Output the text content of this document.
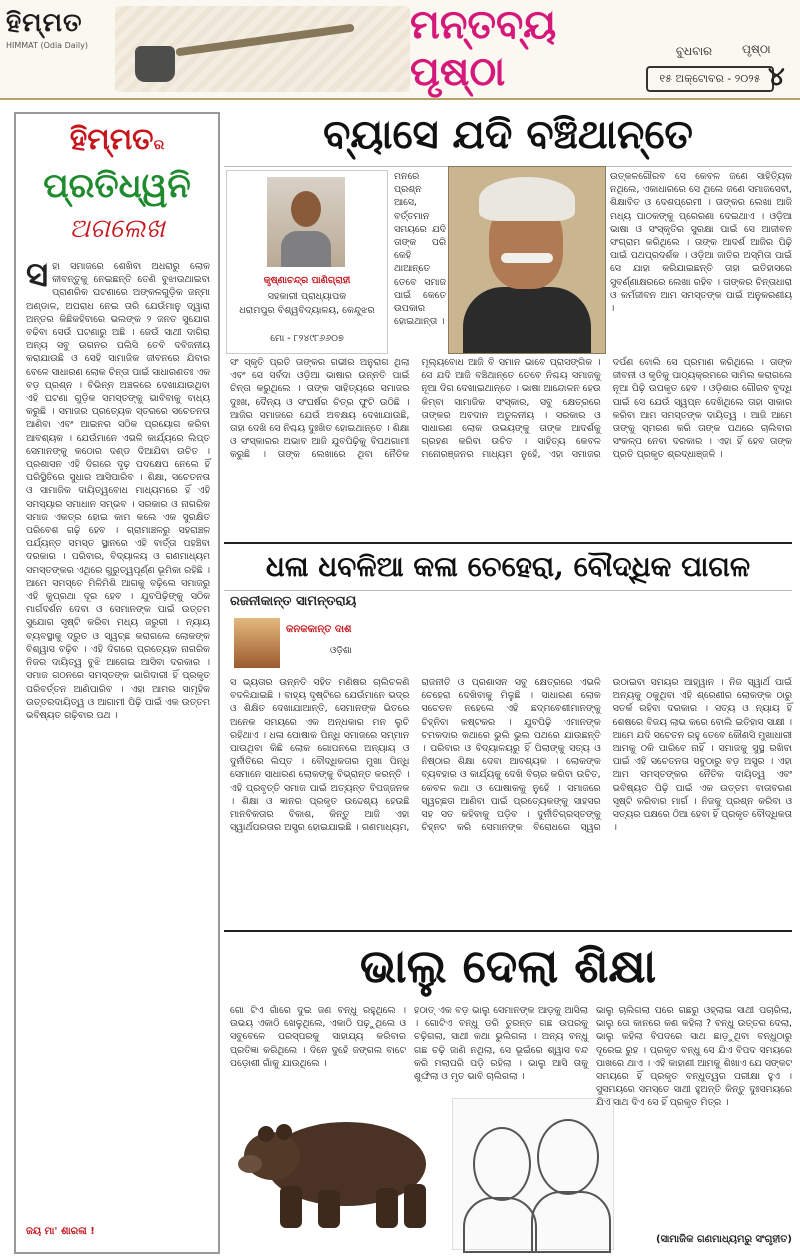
ହିମ୍ମତ
HIMMAT (Odia Daily)	ମନ୍ତବ୍ୟ ପୃଷ୍ଠା	ବୁଧବାର	ପୃଷ୍ଠା
୧୫ ଅକ୍ଟୋବର - ୨୦୨୫ ୪
ହିମ୍ମତର
ପ୍ରତିଧ୍ୱନି
ଅଗଲେଖ
ସ ହା ସମାଜରେ ଶେଖିବା ଅଧରାରୁ ଲୋକ କୀବନ୍ତୁକୁ ନେଇଛନ୍ତି ତେଣି ବୁଝାଉଥାଇବା ପ୍ରାଣରିକ ଘଟଣାରେ ଅଙ୍କଳଗୁଡ଼ିକ ଜନ୍ମା ଅଣ୍ଡାଳ, ଅପରାଧ ନେଇ ତାରି ଯେଉଁମାନୁ ଦ୍ୱାରା ଅନ୍ତର କିଛିକହିବାରେ ଭଲଙ୍କ ୨ ଜନତ ସୁଯୋଗ ବଢିବା ସେଉଁ ଘଟଣାରୁ ଅଛି । ଜେଉଁ ସାଥୀ ଦାଗିରା ଅନ୍ୟ ସବୁ ଉଗନର ପଲିସି ତେବି ଦବିଜନୀୟ କରାଯାଉଛି ଓ ସେହି ସାମାଜିକ ଜୀବନରେ ଯିବାର ବେଳେ ସାଧାରଣ ଲୋକ ଚିନ୍ତା ପାଇଁ ସାଧାରଣତଃ ଏକ ବଡ଼ ପ୍ରଶ୍ନ । ବିଭିନ୍ନ ଅଞ୍ଚଳରେ ଦେଖାଯାଉଥିବା ଏହି ଘଟଣା ଗୁଡ଼ିକ ସମସ୍ତଙ୍କୁ ଭାବିବାକୁ ବାଧ୍ୟ କରୁଛି । ସମାଜର ପ୍ରତ୍ୟେକ ସ୍ତରରେ ସଚେତନତା ଆଣିବା ଏବଂ ଆଇନର ସଠିକ ପ୍ରୟୋଗ କରିବା ଆବଶ୍ୟକ । ଯେଉଁମାନେ ଏଭଳି କାର୍ଯ୍ୟରେ ଲିପ୍ତ ସେମାନଙ୍କୁ କଠୋର ଦଣ୍ଡ ଦିଆଯିବା ଉଚିତ । ପ୍ରଶାସନ ଏହି ଦିଗରେ ଦୃଢ଼ ପଦକ୍ଷେପ ନେଲେ ହିଁ ପରିସ୍ଥିତିରେ ସୁଧାର ଆସିପାରିବ । ଶିକ୍ଷା, ସଚେତନତା ଓ ସାମାଜିକ ଦାୟିତ୍ୱବୋଧ ମାଧ୍ୟମରେ ହିଁ ଏହି ସମସ୍ୟାର ସମାଧାନ ସମ୍ଭବ । ସରକାର ଓ ନାଗରିକ ସମାଜ ଏକତ୍ର ହୋଇ କାମ କଲେ ଏକ ସୁରକ୍ଷିତ ପରିବେଶ ଗଢ଼ି ହେବ । ଗ୍ରାମାଞ୍ଚଳରୁ ସହରାଞ୍ଚଳ ପର୍ଯ୍ୟନ୍ତ ସମସ୍ତ ସ୍ଥାନରେ ଏହି ବାର୍ତ୍ତା ପହଞ୍ଚିବା ଦରକାର । ପରିବାର, ବିଦ୍ୟାଳୟ ଓ ଗଣମାଧ୍ୟମ ସମସ୍ତଙ୍କର ଏଥିରେ ଗୁରୁତ୍ୱପୂର୍ଣ୍ଣ ଭୂମିକା ରହିଛି । ଆମେ ସମସ୍ତେ ମିଳିମିଶି ଆଗକୁ ବଢ଼ିଲେ ସମାଜରୁ ଏହି କୁପ୍ରଥା ଦୂର ହେବ । ଯୁବପିଢ଼ିଙ୍କୁ ସଠିକ ମାର୍ଗଦର୍ଶନ ଦେବା ଓ ସେମାନଙ୍କ ପାଇଁ ଉତ୍ତମ ସୁଯୋଗ ସୃଷ୍ଟି କରିବା ମଧ୍ୟ ଜରୁରୀ । ନ୍ୟାୟ ବ୍ୟବସ୍ଥାକୁ ଦ୍ରୁତ ଓ ସ୍ୱଚ୍ଛ କରାଗଲେ ଲୋକଙ୍କ ବିଶ୍ୱାସ ବଢ଼ିବ । ଏହି ଦିଗରେ ପ୍ରତ୍ୟେକ ନାଗରିକ ନିଜର ଦାୟିତ୍ୱ ବୁଝି ଆଗେଇ ଆସିବା ଦରକାର । ସମାଜ ଗଠନରେ ସମସ୍ତଙ୍କ ଭାଗିଦାରୀ ହିଁ ପ୍ରକୃତ ପରିବର୍ତ୍ତନ ଆଣିପାରିବ । ଏହା ଆମର ସାମୂହିକ ଉତ୍ତରଦାୟିତ୍ୱ ଓ ଆଗାମୀ ପିଢ଼ି ପାଇଁ ଏକ ଉତ୍ତମ ଭବିଷ୍ୟତ ଗଢ଼ିବାର ପଥ ।
ଜୟ ମା' ଶାରଳା !
ବ୍ୟାସେ ଯଦି ବଞ୍ଚିଥାନ୍ତେ
କୃଷ୍ଣାଚନ୍ଦ୍ର ପାଣିଗ୍ରାହୀ
ସହକାରୀ ପ୍ରାଧ୍ୟାପକ
ଧରାମପୁର ବିଶ୍ୱବିଦ୍ୟାଳୟ, କେନ୍ଦୁଝର
ମୋ - ୮୨୪୯୮୬୬୦୭
ମନରେ ପ୍ରଶ୍ନ ଆସେ, ବର୍ତ୍ତମାନ ସମୟରେ ଯଦି ତାଙ୍କ ପରି କେହି ଥାଆନ୍ତେ ତେବେ ସମାଜ ପାଇଁ କେତେ ଉପକାର ହୋଇଥାନ୍ତା ।
ଉତ୍କଳଗୌରବ ସେ କେବଳ ଜଣେ ସାହିତ୍ୟିକ ନଥିଲେ, ଏକାଧାରରେ ସେ ଥିଲେ ଜଣେ ସମାଜସେବୀ, ଶିକ୍ଷାବିତ ଓ ଦେଶପ୍ରେମୀ । ତାଙ୍କର ଲେଖା ଆଜି ମଧ୍ୟ ପାଠକଙ୍କୁ ପ୍ରେରଣା ଦେଇଥାଏ । ଓଡ଼ିଆ ଭାଷା ଓ ସଂସ୍କୃତିର ସୁରକ୍ଷା ପାଇଁ ସେ ଆଜୀବନ ସଂଗ୍ରାମ କରିଥିଲେ । ତାଙ୍କ ଆଦର୍ଶ ଆଜିର ପିଢ଼ି ପାଇଁ ପଥପ୍ରଦର୍ଶକ । ଓଡ଼ିଆ ଜାତିର ଅସ୍ମିତା ପାଇଁ ସେ ଯାହା କରିଯାଇଛନ୍ତି ତାହା ଇତିହାସରେ ସୁବର୍ଣ୍ଣାକ୍ଷରରେ ଲେଖା ରହିବ । ତାଙ୍କର ଚିନ୍ତାଧାରା ଓ କର୍ମଜୀବନ ଆମ ସମସ୍ତଙ୍କ ପାଇଁ ଅନୁକରଣୀୟ ।
ସଂ ସ୍କୃତି ପ୍ରତି ତାଙ୍କର ଗଭୀର ଅନୁରାଗ ଥିଲା ଏବଂ ସେ ସର୍ବଦା ଓଡ଼ିଆ ଭାଷାର ଉନ୍ନତି ପାଇଁ ଚିନ୍ତା କରୁଥିଲେ । ତାଙ୍କ ସାହିତ୍ୟରେ ସମାଜର ଦୁଃଖ, ଦୈନ୍ୟ ଓ ସଂଘର୍ଷର ଚିତ୍ର ଫୁଟି ଉଠିଛି । ଆଜିର ସମାଜରେ ଯେଉଁ ଅବକ୍ଷୟ ଦେଖାଯାଉଛି, ତାହା ଦେଖି ସେ ନିଶ୍ଚୟ ଦୁଃଖିତ ହୋଇଥାନ୍ତେ । ଶିକ୍ଷା ଓ ସଂସ୍କାରର ଅଭାବ ଆଜି ଯୁବପିଢ଼ିକୁ ବିପଥଗାମୀ କରୁଛି । ତାଙ୍କ ଲେଖାରେ ଥିବା ନୈତିକ ମୂଲ୍ୟବୋଧ ଆଜି ବି ସମାନ ଭାବେ ପ୍ରାସଙ୍ଗିକ । ସେ ଯଦି ଆଜି ବଞ୍ଚିଥାନ୍ତେ ତେବେ ନିଶ୍ଚୟ ସମାଜକୁ ନୂଆ ଦିଗ ଦେଖାଇଥାନ୍ତେ । ଭାଷା ଆନ୍ଦୋଳନ ହେଉ କିମ୍ବା ସାମାଜିକ ସଂସ୍କାର, ସବୁ କ୍ଷେତ୍ରରେ ତାଙ୍କର ଅବଦାନ ଅତୁଳନୀୟ । ସରକାର ଓ ସାଧାରଣ ଲୋକ ଉଭୟଙ୍କୁ ତାଙ୍କ ଆଦର୍ଶକୁ ଗ୍ରହଣ କରିବା ଉଚିତ । ସାହିତ୍ୟ କେବଳ ମନୋରଞ୍ଜନର ମାଧ୍ୟମ ନୁହେଁ, ଏହା ସମାଜର ଦର୍ପଣ ବୋଲି ସେ ପ୍ରମାଣ କରିଥିଲେ । ତାଙ୍କ ଜୀବନୀ ଓ କୃତିକୁ ପାଠ୍ୟକ୍ରମରେ ସାମିଲ କରାଗଲେ ନୂଆ ପିଢ଼ି ଉପକୃତ ହେବ । ଓଡ଼ିଶାର ଗୌରବ ବୃଦ୍ଧି ପାଇଁ ସେ ଯେଉଁ ସ୍ୱପ୍ନ ଦେଖିଥିଲେ ତାହା ସାକାର କରିବା ଆମ ସମସ୍ତଙ୍କ ଦାୟିତ୍ୱ । ଆଜି ଆମେ ତାଙ୍କୁ ସ୍ମରଣ କରି ତାଙ୍କ ପଥରେ ଚାଲିବାର ସଂକଳ୍ପ ନେବା ଦରକାର । ଏହା ହିଁ ହେବ ତାଙ୍କ ପ୍ରତି ପ୍ରକୃତ ଶ୍ରଦ୍ଧାଞ୍ଜଳି ।
ଧଳା ଧବଳିଆ କଳା ଚେହେରା, ବୌଦ୍ଧିକ ପାଗଳ
ରଜନୀକାନ୍ତ ସାମନ୍ତରାୟ
କନକକାନ୍ତ ଦାଶ
ଓଡ଼ିଶା
ସ ଭ୍ୟତାର ଉନ୍ନତି ସହିତ ମଣିଷର ଚାଲିଚଳଣି ବଦଳିଯାଇଛି । ବାହ୍ୟ ଦୃଷ୍ଟିରେ ଯେଉଁମାନେ ଭଦ୍ର ଓ ଶିକ୍ଷିତ ଦେଖାଯାଆନ୍ତି, ସେମାନଙ୍କ ଭିତରେ ଅନେକ ସମୟରେ ଏକ ଅନ୍ଧକାର ମନ ଲୁଚି ରହିଥାଏ । ଧଳା ପୋଷାକ ପିନ୍ଧି ସମାଜରେ ସମ୍ମାନ ପାଉଥିବା କିଛି ଲୋକ ଗୋପନରେ ଅନ୍ୟାୟ ଓ ଦୁର୍ନୀତିରେ ଲିପ୍ତ । ବୌଦ୍ଧିକତାର ମୁଖା ପିନ୍ଧି ସେମାନେ ସାଧାରଣ ଲୋକଙ୍କୁ ବିଭ୍ରାନ୍ତ କରନ୍ତି । ଏହି ପ୍ରବୃତ୍ତି ସମାଜ ପାଇଁ ଅତ୍ୟନ୍ତ ବିପଜ୍ଜନକ । ଶିକ୍ଷା ଓ ଜ୍ଞାନର ପ୍ରକୃତ ଉଦ୍ଦେଶ୍ୟ ହେଉଛି ମାନବିକତାର ବିକାଶ, କିନ୍ତୁ ଆଜି ଏହା ସ୍ୱାର୍ଥପରତାର ଅସ୍ତ୍ର ହୋଇଯାଇଛି । ଗଣମାଧ୍ୟମ, ରାଜନୀତି ଓ ପ୍ରଶାସନ ସବୁ କ୍ଷେତ୍ରରେ ଏଭଳି ଚେହେରା ଦେଖିବାକୁ ମିଳୁଛି । ସାଧାରଣ ଲୋକ ସଚେତନ ନହେଲେ ଏହି ଛଦ୍ମବେଶୀମାନଙ୍କୁ ଚିହ୍ନିବା କଷ୍ଟକର । ଯୁବପିଢ଼ି ଏମାନଙ୍କ ଚମକଦାର କଥାରେ ଭୁଲି ଭୁଲ ପଥରେ ଯାଉଛନ୍ତି । ପରିବାର ଓ ବିଦ୍ୟାଳୟରୁ ହିଁ ପିଲାଙ୍କୁ ସତ୍ୟ ଓ ନିଷ୍ଠାର ଶିକ୍ଷା ଦେବା ଆବଶ୍ୟକ । ଲୋକଙ୍କ ବ୍ୟବହାର ଓ କାର୍ଯ୍ୟକୁ ଦେଖି ବିଚାର କରିବା ଉଚିତ, କେବଳ କଥା ଓ ପୋଷାକକୁ ନୁହେଁ । ସମାଜରେ ସ୍ୱଚ୍ଛତା ଆଣିବା ପାଇଁ ପ୍ରତ୍ୟେକଙ୍କୁ ସାହସର ସହ ସତ କହିବାକୁ ପଡ଼ିବ । ଦୁର୍ନୀତିଗ୍ରସ୍ତଙ୍କୁ ଚିହ୍ନଟ କରି ସେମାନଙ୍କ ବିରୋଧରେ ସ୍ୱର ଉଠାଇବା ସମୟର ଆହ୍ୱାନ । ନିଜ ସ୍ୱାର୍ଥ ପାଇଁ ଅନ୍ୟକୁ ଠକୁଥିବା ଏହି ଶ୍ରେଣୀର ଲୋକଙ୍କ ଠାରୁ ସତର୍କ ରହିବା ଦରକାର । ସତ୍ୟ ଓ ନ୍ୟାୟ ହିଁ ଶେଷରେ ବିଜୟ ଲାଭ କରେ ବୋଲି ଇତିହାସ ସାକ୍ଷୀ । ଆମେ ଯଦି ସଚେତନ ରହୁ ତେବେ କୌଣସି ମୁଖାଧାରୀ ଆମକୁ ଠକି ପାରିବେ ନାହିଁ । ସମାଜକୁ ସୁସ୍ଥ ରଖିବା ପାଇଁ ଏହି ସଚେତନତା ସବୁଠାରୁ ବଡ଼ ଅସ୍ତ୍ର । ଏହା ଆମ ସମସ୍ତଙ୍କର ନୈତିକ ଦାୟିତ୍ୱ ଏବଂ ଭବିଷ୍ୟତ ପିଢ଼ି ପାଇଁ ଏକ ଉତ୍ତମ ବାତାବରଣ ସୃଷ୍ଟି କରିବାର ମାର୍ଗ । ନିଜକୁ ପ୍ରଶ୍ନ କରିବା ଓ ସତ୍ୟର ପକ୍ଷରେ ଠିଆ ହେବା ହିଁ ପ୍ରକୃତ ବୌଦ୍ଧିକତା ।
ଭାଲୁ ଦେଲା ଶିକ୍ଷା
ଗୋ ଟିଏ ଗାଁରେ ଦୁଇ ଜଣ ବନ୍ଧୁ ରହୁଥିଲେ । ଉଭୟ ଏକାଠି ଖେଳୁଥିଲେ, ଏକାଠି ପଢ଼ୁଥିଲେ ଓ ସବୁବେଳେ ପରସ୍ପରକୁ ସାହାଯ୍ୟ କରିବାର ପ୍ରତିଜ୍ଞା କରିଥିଲେ । ଦିନେ ଦୁହେଁ ଜଙ୍ଗଲ ବାଟେ ପଡ଼ୋଶୀ ଗାଁକୁ ଯାଉଥିଲେ ।
ହଠାତ୍ ଏକ ବଡ଼ ଭାଲୁ ସେମାନଙ୍କ ଆଡ଼କୁ ଆସିଲା । ଗୋଟିଏ ବନ୍ଧୁ ଡରି ତୁରନ୍ତ ଗଛ ଉପରକୁ ଚଢ଼ିଗଲା, ସାଥୀ କଥା ଭୁଲିଗଲା । ଅନ୍ୟ ବନ୍ଧୁ ଗଛ ଚଢ଼ି ଜାଣି ନଥିଲା, ସେ ଭୂଇଁରେ ଶ୍ୱାସ ବନ୍ଦ କରି ମଲାପରି ପଡ଼ି ରହିଲା । ଭାଲୁ ଆସି ତାକୁ ଶୁଙ୍ଘିଲା ଓ ମୃତ ଭାବି ଚାଲିଗଲା ।
ଭାଲୁ ଚାଲିଗଲା ପରେ ଗଛରୁ ଓହ୍ଲାଇ ସାଥୀ ପଚାରିଲା, ଭାଲୁ ତୋ କାନରେ କଣ କହିଲା ? ବନ୍ଧୁ ଉତ୍ତର ଦେଲା, ଭାଲୁ କହିଲା ବିପଦରେ ସାଥ ଛାଡ଼ୁଥିବା ବନ୍ଧୁଠାରୁ ଦୂରେଇ ରୁହ । ପ୍ରକୃତ ବନ୍ଧୁ ସେ ଯିଏ ବିପଦ ସମୟରେ ପାଖରେ ଥାଏ । ଏହି କାହାଣୀ ଆମକୁ ଶିଖାଏ ଯେ ସଙ୍କଟ ସମୟରେ ହିଁ ପ୍ରକୃତ ବନ୍ଧୁତ୍ୱର ପରୀକ୍ଷା ହୁଏ । ସୁସମୟରେ ସମସ୍ତେ ସାଥୀ ହୁଅନ୍ତି କିନ୍ତୁ ଦୁଃସମୟରେ ଯିଏ ସାଥ ଦିଏ ସେ ହିଁ ପ୍ରକୃତ ମିତ୍ର ।
(ସାମାଜିକ ଗଣମାଧ୍ୟମରୁ ସଂଗୃହୀତ)
